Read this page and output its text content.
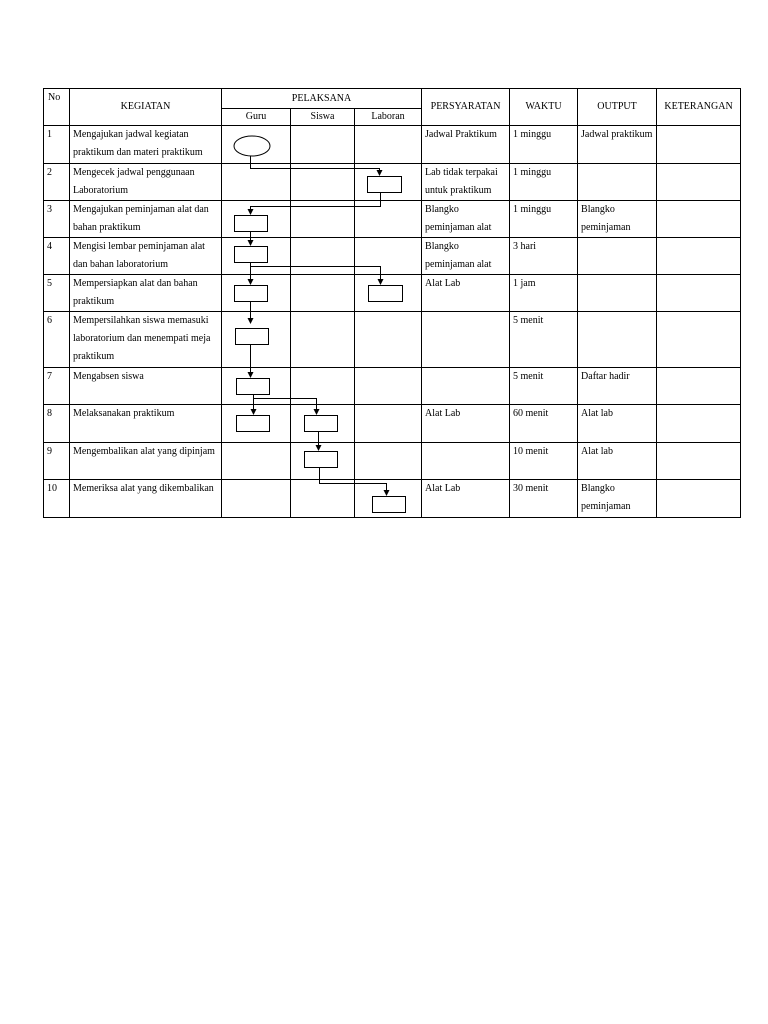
No	KEGIATAN	PELAKSANA			PERSYARATAN	WAKTU	OUTPUT	KETERANGAN
		Guru	Siswa	Laboran				
1	Mengajukan jadwal kegiatan praktikum dan materi praktikum				Jadwal Praktikum	1 minggu	Jadwal praktikum	
2	Mengecek jadwal penggunaan Laboratorium				Lab tidak terpakai untuk praktikum	1 minggu		
3	Mengajukan peminjaman alat dan bahan praktikum				Blangko peminjaman alat	1 minggu	Blangko peminjaman	
4	Mengisi lembar peminjaman alat dan bahan laboratorium				Blangko peminjaman alat	3 hari		
5	Mempersiapkan alat dan bahan praktikum				Alat Lab	1 jam		
6	Mempersilahkan siswa memasuki laboratorium dan menempati meja praktikum					5 menit		
7	Mengabsen siswa					5 menit	Daftar hadir	
8	Melaksanakan praktikum				Alat Lab	60 menit	Alat lab	
9	Mengembalikan alat yang dipinjam					10 menit	Alat lab	
10	Memeriksa alat yang dikembalikan				Alat Lab	30 menit	Blangko peminjaman	
